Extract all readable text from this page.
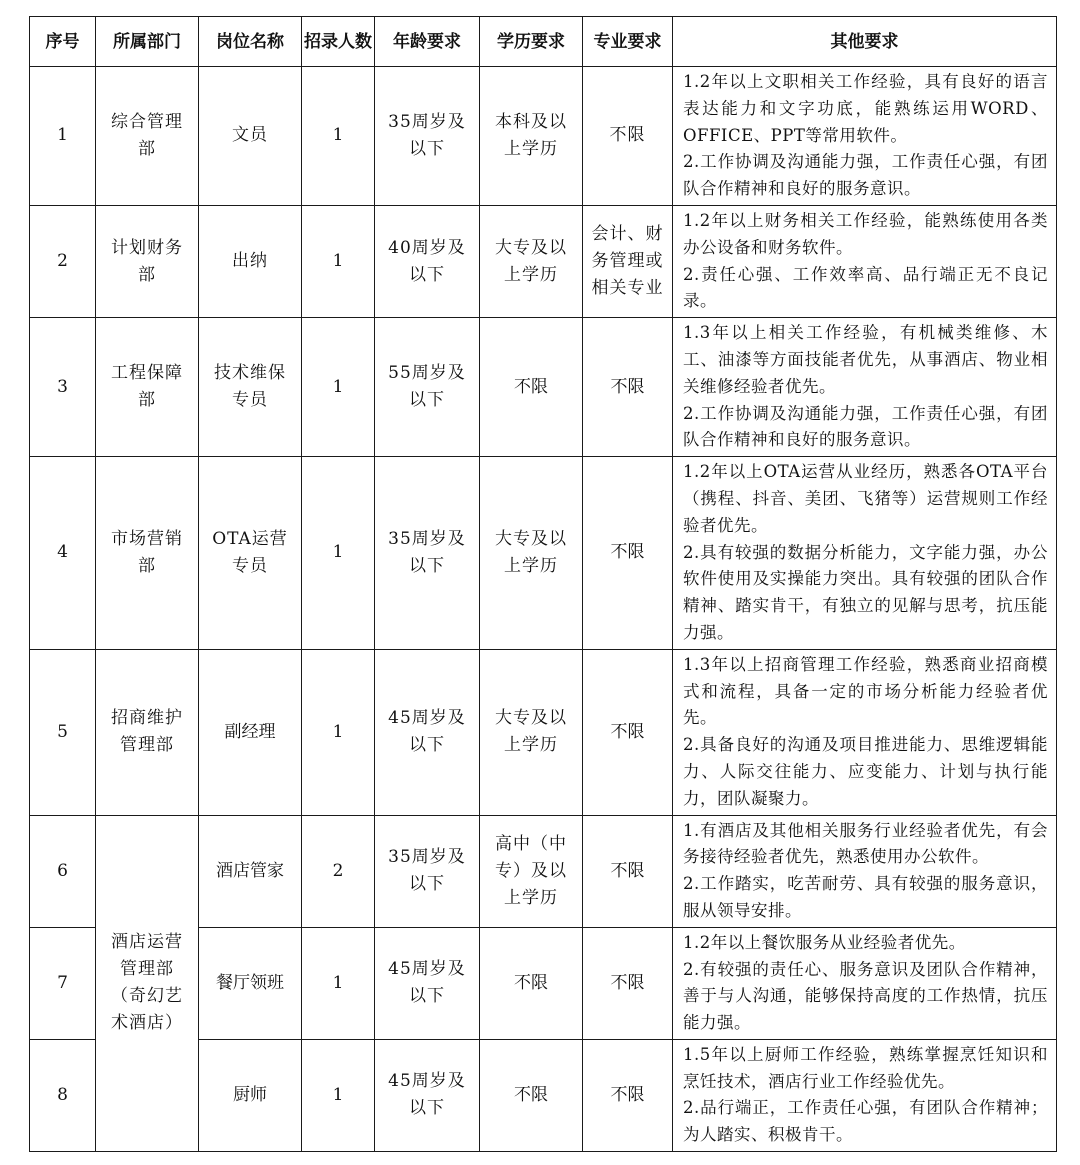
序号	所属部门	岗位名称	招录人数	年龄要求	学历要求	专业要求	其他要求
1	综合管理部	文员	1	35周岁及以下	本科及以上学历	不限	1.2年以上文职相关工作经验，具有良好的语言表达能力和文字功底，能熟练运用WORD、OFFICE、PPT等常用软件。
2.工作协调及沟通能力强，工作责任心强，有团队合作精神和良好的服务意识。

2	计划财务部	出纳	1	40周岁及以下	大专及以上学历	会计、财务管理或相关专业	1.2年以上财务相关工作经验，能熟练使用各类办公设备和财务软件。
2.责任心强、工作效率高、品行端正无不良记录。

3	工程保障部	技术维保专员	1	55周岁及以下	不限	不限	1.3年以上相关工作经验，有机械类维修、木工、油漆等方面技能者优先，从事酒店、物业相关维修经验者优先。
2.工作协调及沟通能力强，工作责任心强，有团队合作精神和良好的服务意识。

4	市场营销部	OTA运营专员	1	35周岁及以下	大专及以上学历	不限	1.2年以上OTA运营从业经历，熟悉各OTA平台（携程、抖音、美团、飞猪等）运营规则工作经验者优先。
2.具有较强的数据分析能力，文字能力强，办公软件使用及实操能力突出。具有较强的团队合作精神、踏实肯干，有独立的见解与思考，抗压能力强。

5	招商维护管理部	副经理	1	45周岁及以下	大专及以上学历	不限	1.3年以上招商管理工作经验，熟悉商业招商模式和流程，具备一定的市场分析能力经验者优先。
2.具备良好的沟通及项目推进能力、思维逻辑能力、人际交往能力、应变能力、计划与执行能力，团队凝聚力。

6	酒店运营管理部（奇幻艺术酒店）	酒店管家	2	35周岁及以下	高中（中专）及以上学历	不限	1.有酒店及其他相关服务行业经验者优先，有会务接待经验者优先，熟悉使用办公软件。
2.工作踏实，吃苦耐劳、具有较强的服务意识，服从领导安排。

7		餐厅领班	1	45周岁及以下	不限	不限	1.2年以上餐饮服务从业经验者优先。
2.有较强的责任心、服务意识及团队合作精神，善于与人沟通，能够保持高度的工作热情，抗压能力强。

8		厨师	1	45周岁及以下	不限	不限	1.5年以上厨师工作经验，熟练掌握烹饪知识和烹饪技术，酒店行业工作经验优先。
2.品行端正，工作责任心强，有团队合作精神；为人踏实、积极肯干。
